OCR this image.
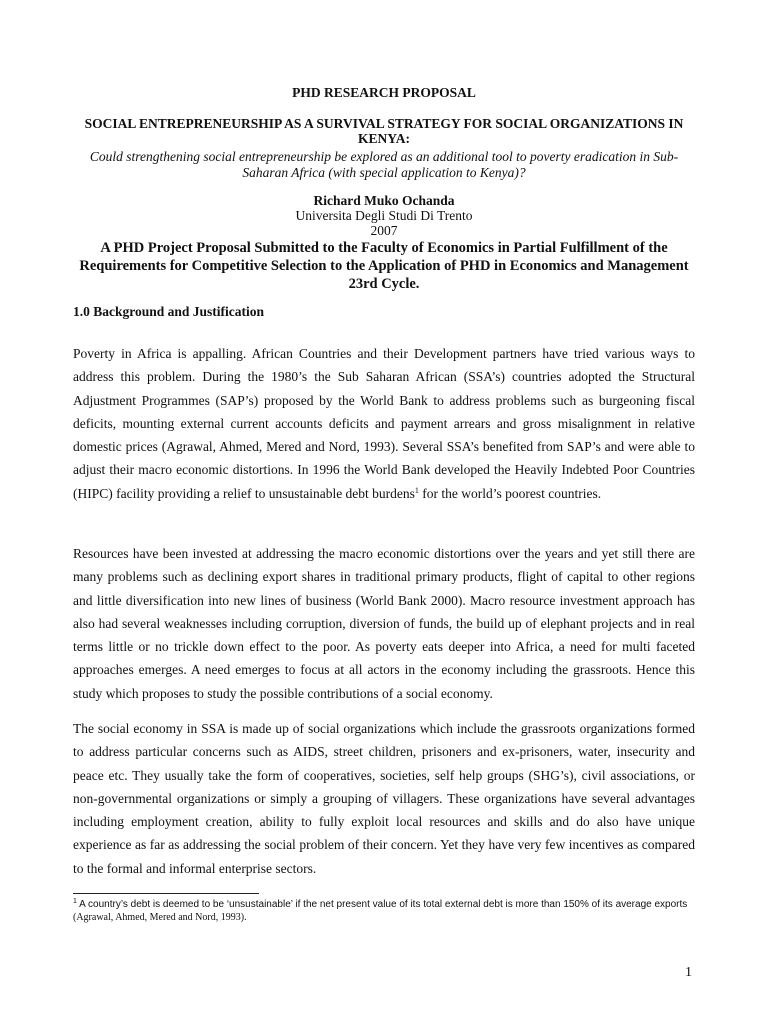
PHD RESEARCH PROPOSAL
SOCIAL ENTREPRENEURSHIP AS A SURVIVAL STRATEGY FOR SOCIAL ORGANIZATIONS IN KENYA:
Could strengthening social entrepreneurship be explored as an additional tool to poverty eradication in Sub-Saharan Africa (with special application to Kenya)?
Richard Muko Ochanda
Universita Degli Studi Di Trento
2007
A PHD Project Proposal Submitted to the Faculty of Economics in Partial Fulfillment of the Requirements for Competitive Selection to the Application of PHD in Economics and Management 23rd Cycle.
1.0 Background and Justification
Poverty in Africa is appalling. African Countries and their Development partners have tried various ways to address this problem. During the 1980’s the Sub Saharan African (SSA’s) countries adopted the Structural Adjustment Programmes (SAP’s) proposed by the World Bank to address problems such as burgeoning fiscal deficits, mounting external current accounts deficits and payment arrears and gross misalignment in relative domestic prices (Agrawal, Ahmed, Mered and Nord, 1993). Several SSA’s benefited from SAP’s and were able to adjust their macro economic distortions. In 1996 the World Bank developed the Heavily Indebted Poor Countries (HIPC) facility providing a relief to unsustainable debt burdens$^1$ for the world’s poorest countries.
Resources have been invested at addressing the macro economic distortions over the years and yet still there are many problems such as declining export shares in traditional primary products, flight of capital to other regions and little diversification into new lines of business (World Bank 2000). Macro resource investment approach has also had several weaknesses including corruption, diversion of funds, the build up of elephant projects and in real terms little or no trickle down effect to the poor. As poverty eats deeper into Africa, a need for multi faceted approaches emerges. A need emerges to focus at all actors in the economy including the grassroots. Hence this study which proposes to study the possible contributions of a social economy.
The social economy in SSA is made up of social organizations which include the grassroots organizations formed to address particular concerns such as AIDS, street children, prisoners and ex-prisoners, water, insecurity and peace etc. They usually take the form of cooperatives, societies, self help groups (SHG’s), civil associations, or non-governmental organizations or simply a grouping of villagers. These organizations have several advantages including employment creation, ability to fully exploit local resources and skills and do also have unique experience as far as addressing the social problem of their concern. Yet they have very few incentives as compared to the formal and informal enterprise sectors.
$^1$ A country’s debt is deemed to be ‘unsustainable’ if the net present value of its total external debt is more than 150% of its average exports (Agrawal, Ahmed, Mered and Nord, 1993).
1
